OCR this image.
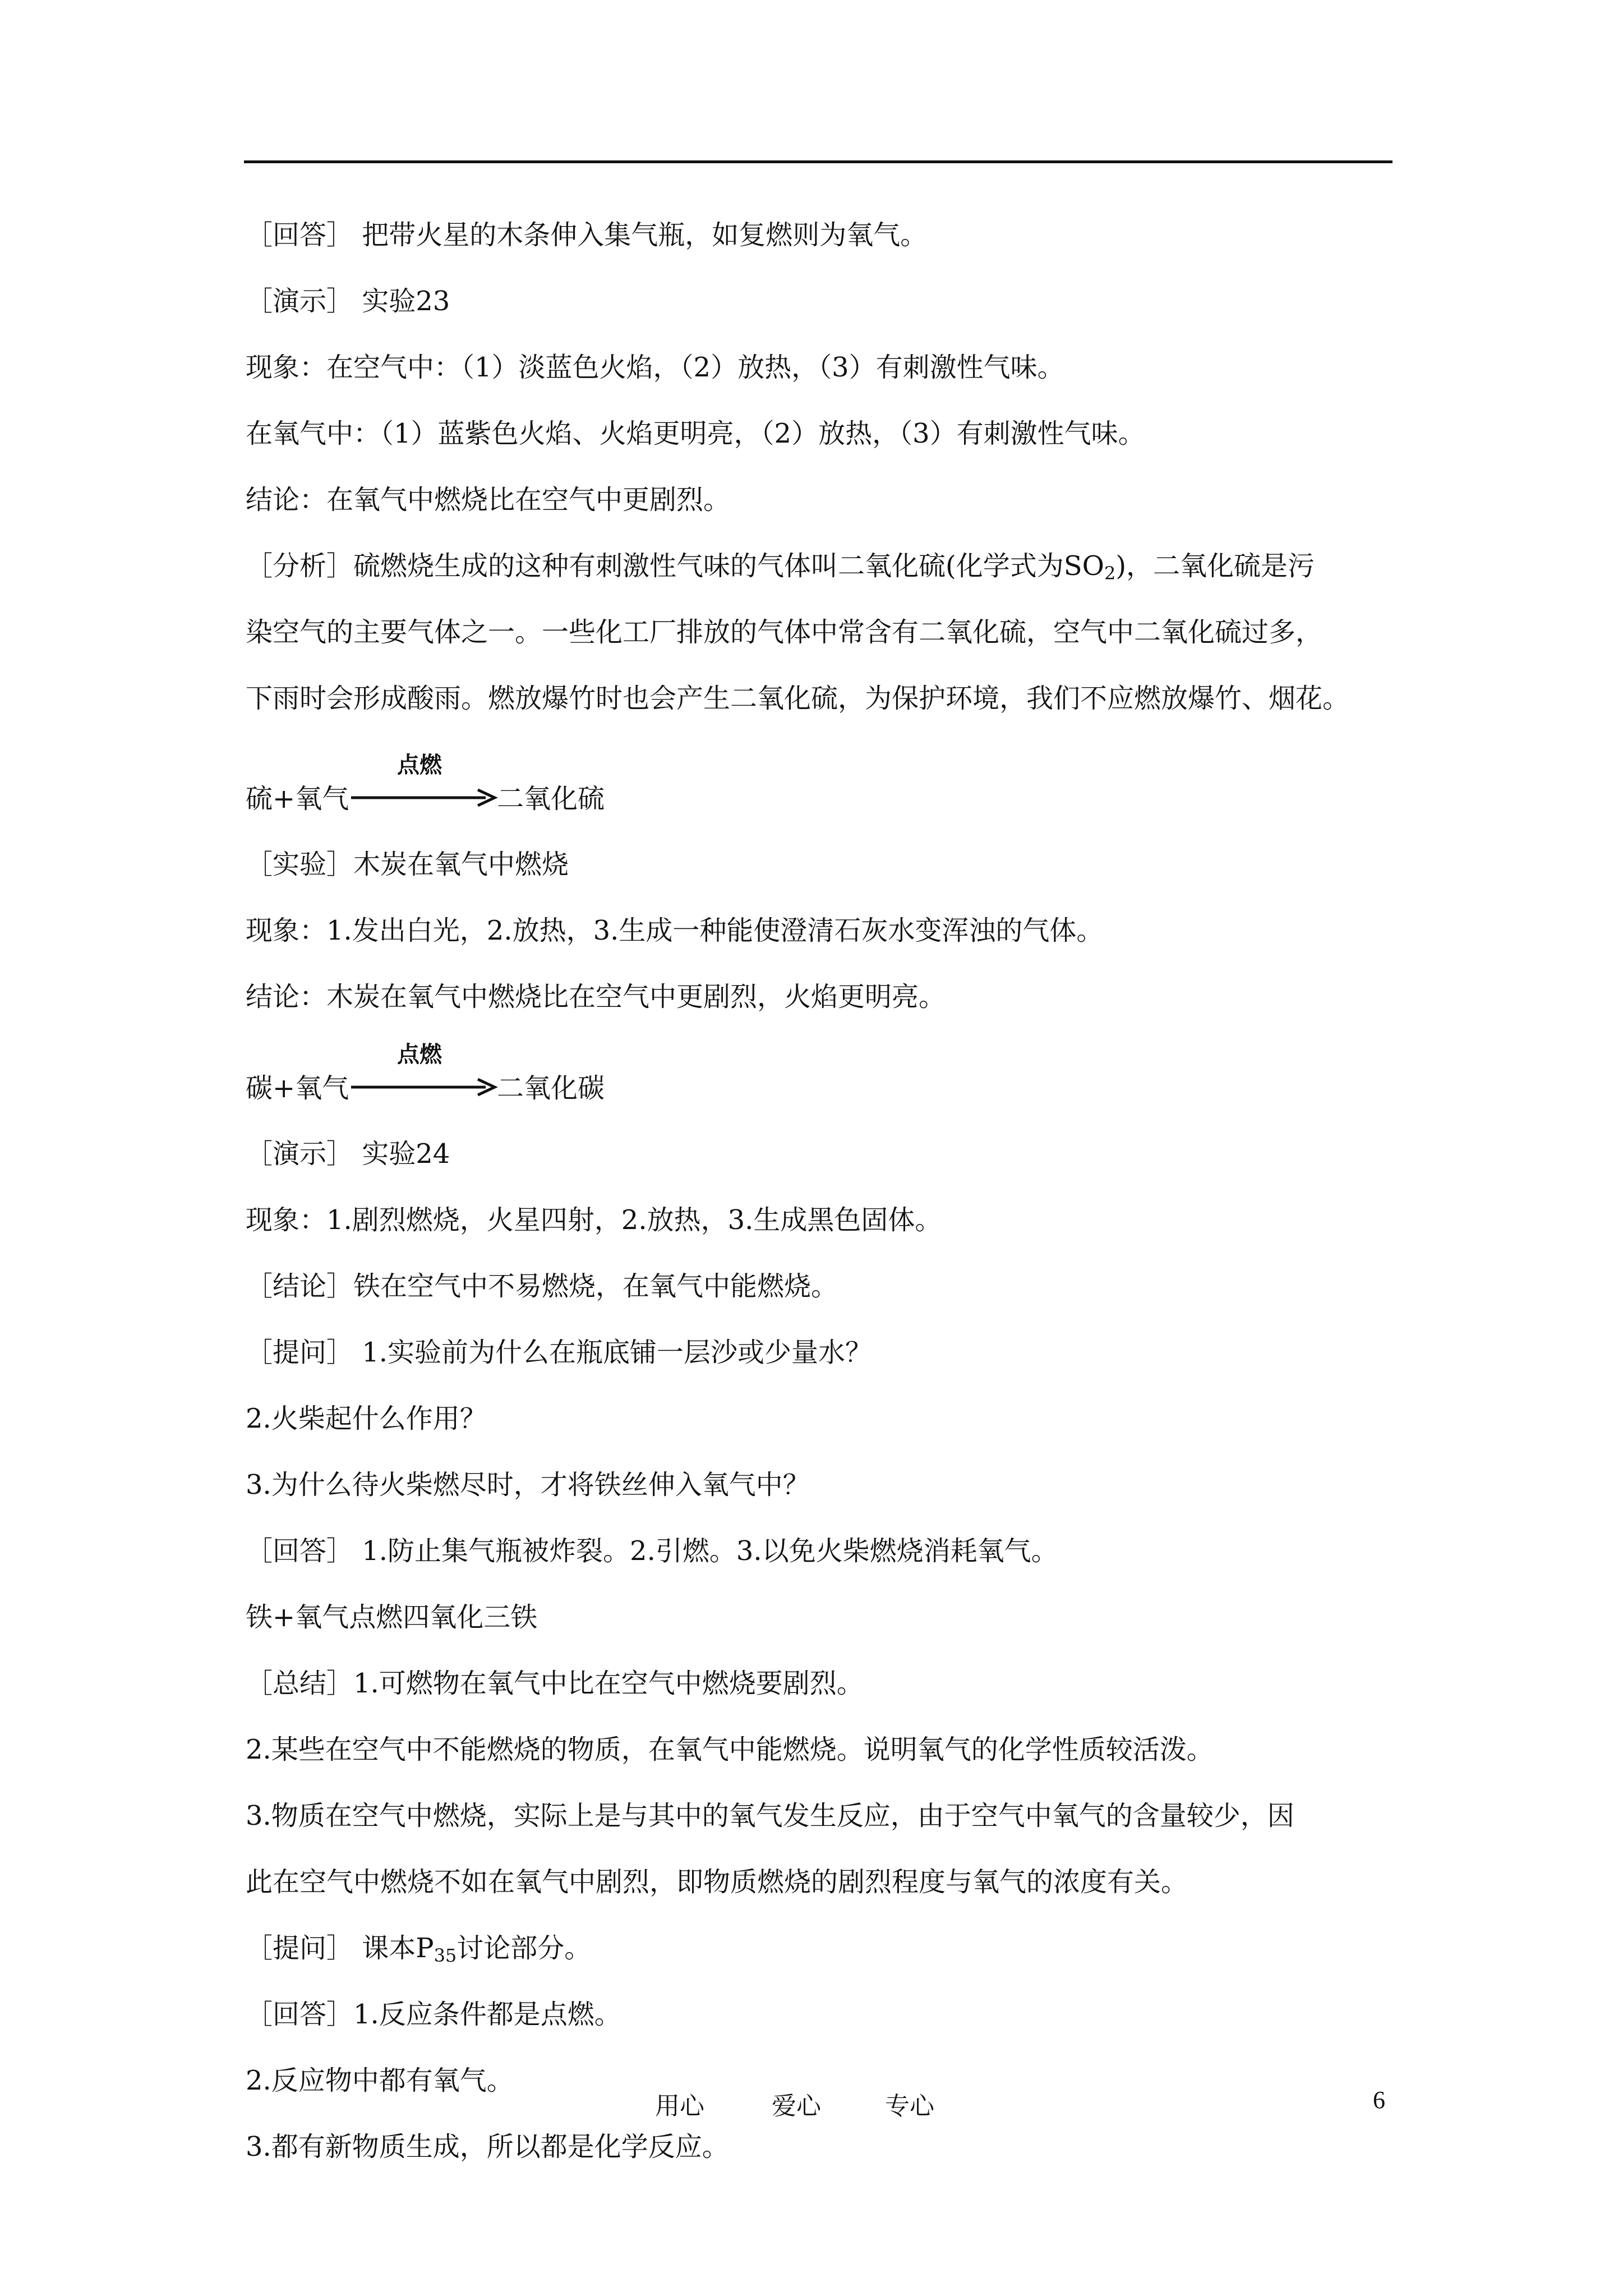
［回答］ 把带火星的木条伸入集气瓶，如复燃则为氧气。
［演示］ 实验23
现象：在空气中：（1）淡蓝色火焰，（2）放热，（3）有刺激性气味。
在氧气中：（1）蓝紫色火焰、火焰更明亮，（2）放热，（3）有刺激性气味。
结论：在氧气中燃烧比在空气中更剧烈。
［分析］硫燃烧生成的这种有刺激性气味的气体叫二氧化硫(化学式为$SO_2$)，二氧化硫是污
染空气的主要气体之一。一些化工厂排放的气体中常含有二氧化硫，空气中二氧化硫过多，
下雨时会形成酸雨。燃放爆竹时也会产生二氧化硫，为保护环境，我们不应燃放爆竹、烟花。
硫+氧气
点燃
二氧化硫
［实验］木炭在氧气中燃烧
现象：1.发出白光，2.放热，3.生成一种能使澄清石灰水变浑浊的气体。
结论：木炭在氧气中燃烧比在空气中更剧烈，火焰更明亮。
碳+氧气
点燃
二氧化碳
［演示］ 实验24
现象：1.剧烈燃烧，火星四射，2.放热，3.生成黑色固体。
［结论］铁在空气中不易燃烧，在氧气中能燃烧。
［提问］ 1.实验前为什么在瓶底铺一层沙或少量水？
2.火柴起什么作用？
3.为什么待火柴燃尽时，才将铁丝伸入氧气中？
［回答］ 1.防止集气瓶被炸裂。2.引燃。3.以免火柴燃烧消耗氧气。
铁+氧气点燃四氧化三铁
［总结］1.可燃物在氧气中比在空气中燃烧要剧烈。
2.某些在空气中不能燃烧的物质，在氧气中能燃烧。说明氧气的化学性质较活泼。
3.物质在空气中燃烧，实际上是与其中的氧气发生反应，由于空气中氧气的含量较少，因
此在空气中燃烧不如在氧气中剧烈，即物质燃烧的剧烈程度与氧气的浓度有关。
［提问］ 课本$P_{35}$讨论部分。
［回答］1.反应条件都是点燃。
2.反应物中都有氧气。
3.都有新物质生成，所以都是化学反应。
用心	爱心	专心	6
